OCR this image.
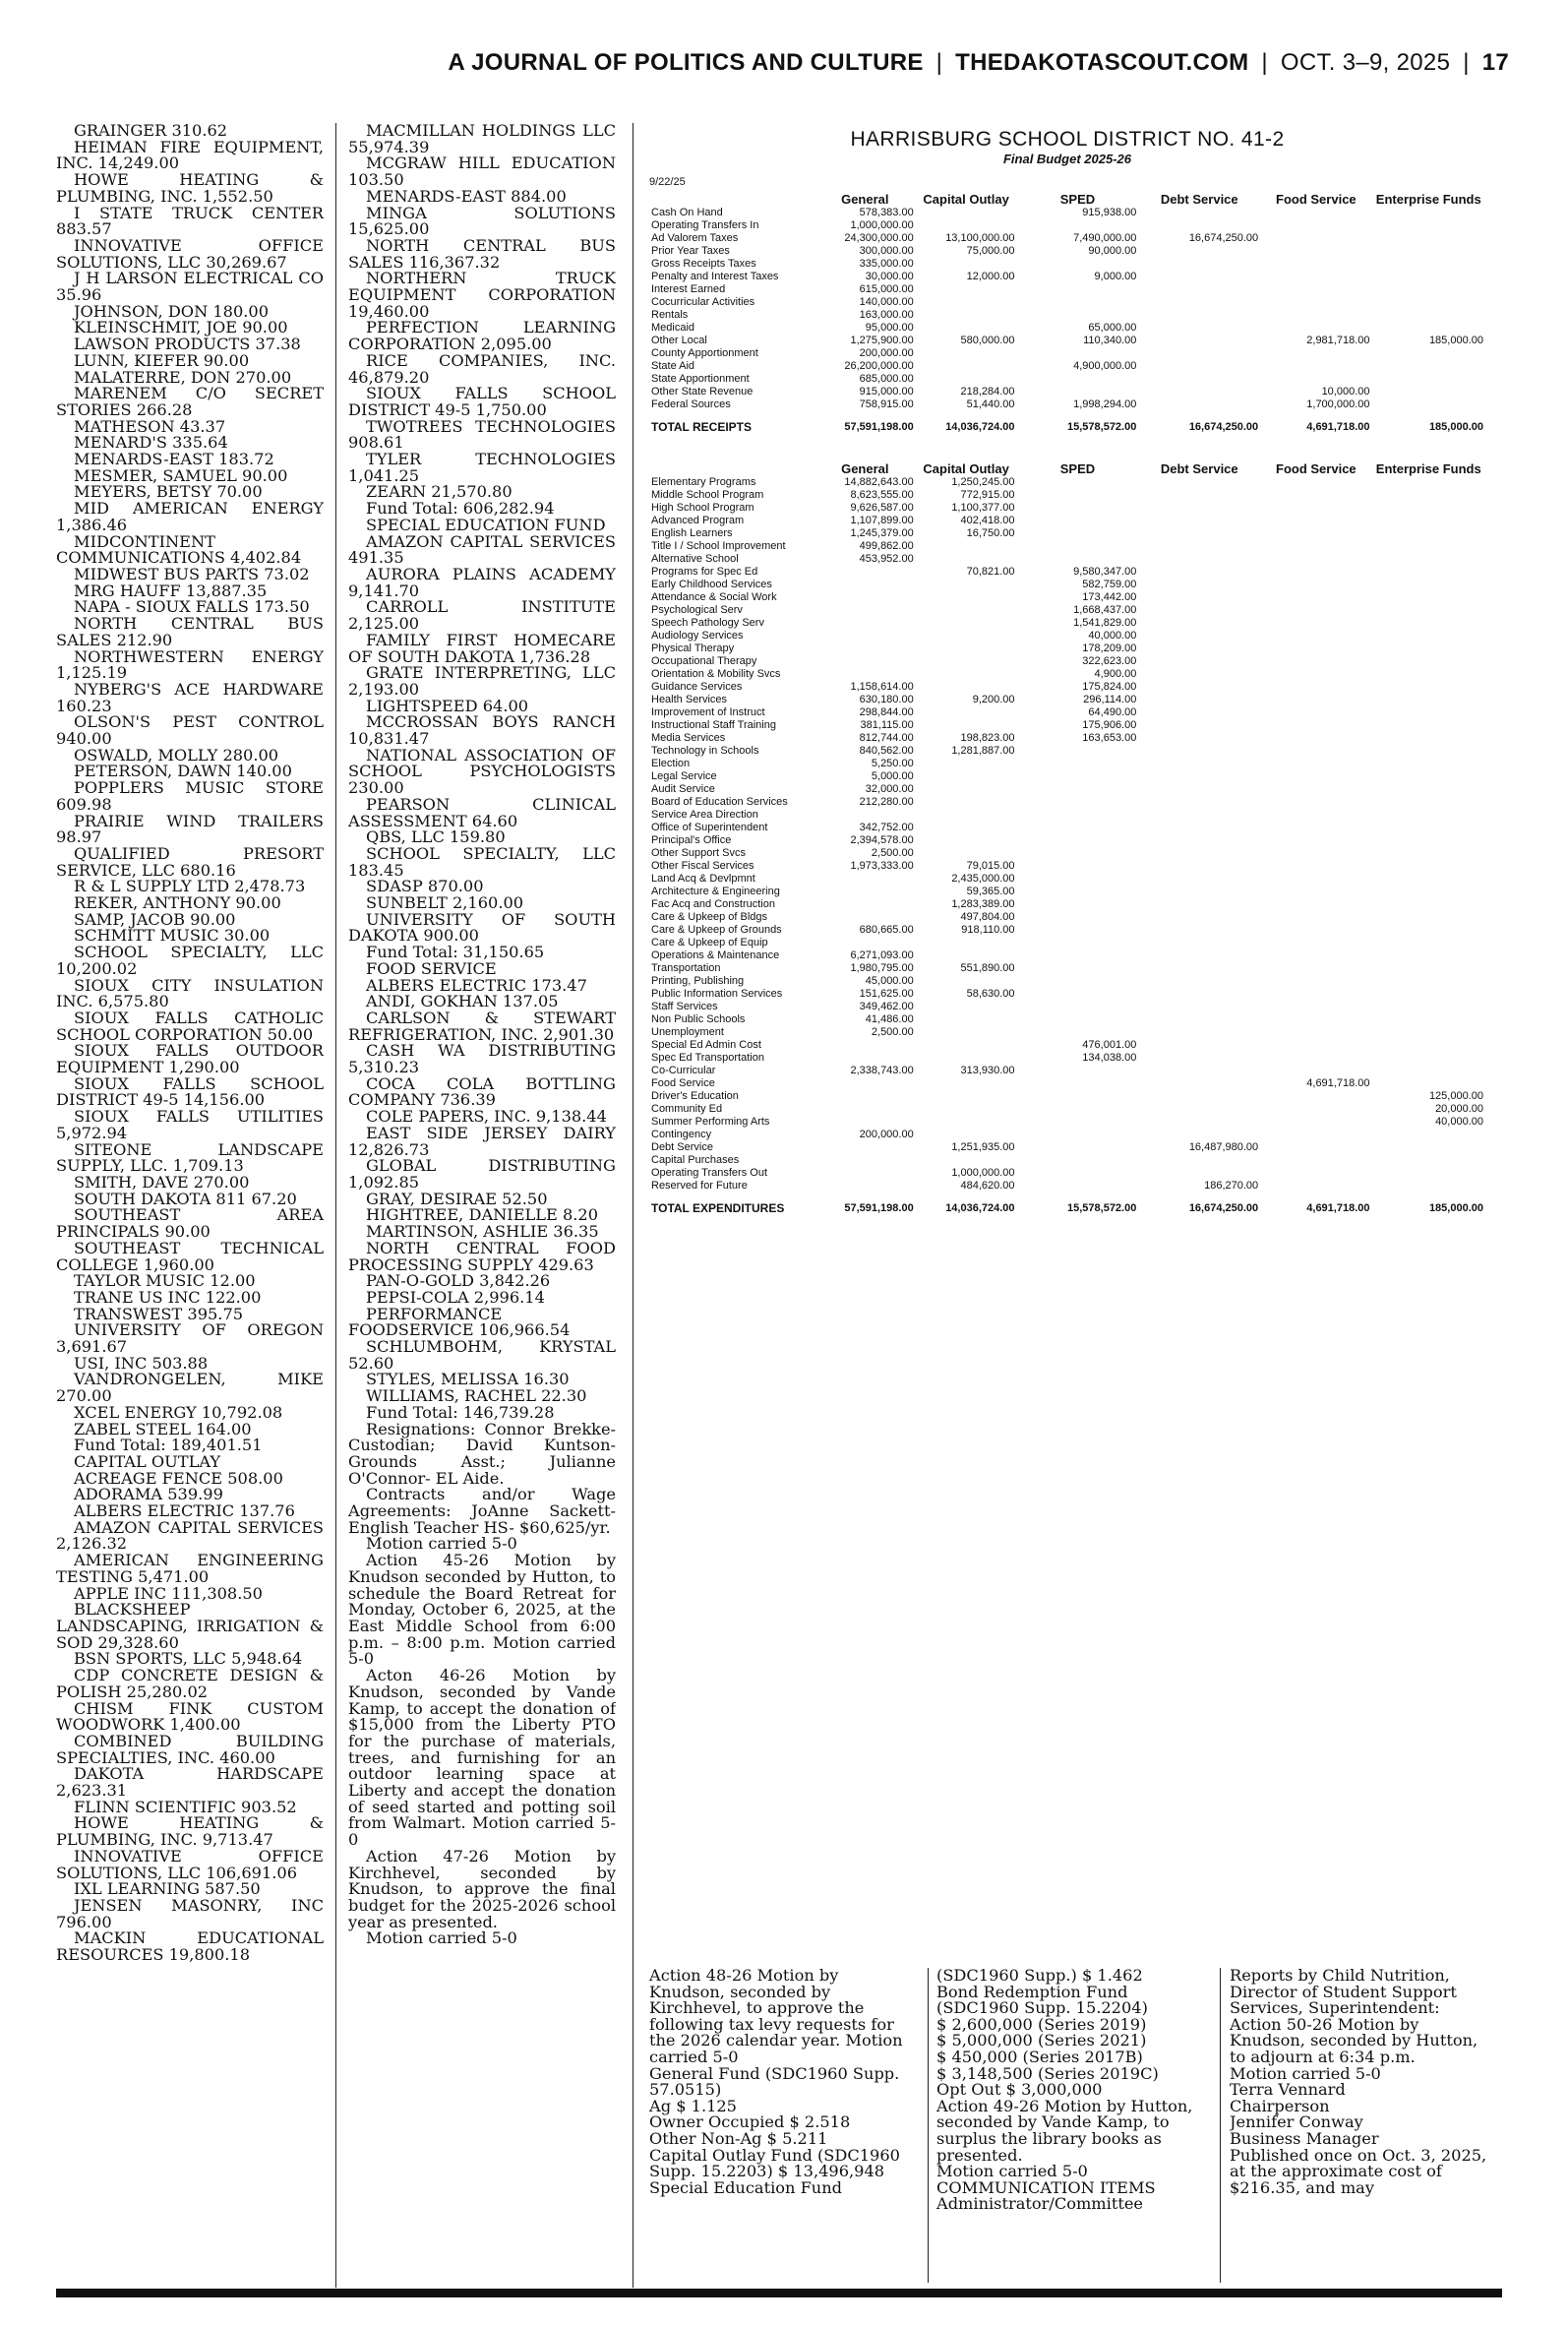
A JOURNAL OF POLITICS AND CULTURE | THEDAKOTASCOUT.COM | OCT. 3–9, 2025 | 17

GRAINGER 310.62

HEIMAN FIRE EQUIPMENT, INC. 14,249.00

HOWE HEATING & PLUMBING, INC. 1,552.50

I STATE TRUCK CENTER 883.57

INNOVATIVE OFFICE SOLUTIONS, LLC 30,269.67

J H LARSON ELECTRICAL CO 35.96

JOHNSON, DON 180.00

KLEINSCHMIT, JOE 90.00

LAWSON PRODUCTS 37.38

LUNN, KIEFER 90.00

MALATERRE, DON 270.00

MARENEM C/O SECRET STORIES 266.28

MATHESON 43.37

MENARD'S 335.64

MENARDS-EAST 183.72

MESMER, SAMUEL 90.00

MEYERS, BETSY 70.00

MID AMERICAN ENERGY 1,386.46

MIDCONTINENT COMMUNICATIONS 4,402.84

MIDWEST BUS PARTS 73.02

MRG HAUFF 13,887.35

NAPA - SIOUX FALLS 173.50

NORTH CENTRAL BUS SALES 212.90

NORTHWESTERN ENERGY 1,125.19

NYBERG'S ACE HARDWARE 160.23

OLSON'S PEST CONTROL 940.00

OSWALD, MOLLY 280.00

PETERSON, DAWN 140.00

POPPLERS MUSIC STORE 609.98

PRAIRIE WIND TRAILERS 98.97

QUALIFIED PRESORT SERVICE, LLC 680.16

R & L SUPPLY LTD 2,478.73

REKER, ANTHONY 90.00

SAMP, JACOB 90.00

SCHMITT MUSIC 30.00

SCHOOL SPECIALTY, LLC 10,200.02

SIOUX CITY INSULATION INC. 6,575.80

SIOUX FALLS CATHOLIC SCHOOL CORPORATION 50.00

SIOUX FALLS OUTDOOR EQUIPMENT 1,290.00

SIOUX FALLS SCHOOL DISTRICT 49-5 14,156.00

SIOUX FALLS UTILITIES 5,972.94

SITEONE LANDSCAPE SUPPLY, LLC. 1,709.13

SMITH, DAVE 270.00

SOUTH DAKOTA 811 67.20

SOUTHEAST AREA PRINCIPALS 90.00

SOUTHEAST TECHNICAL COLLEGE 1,960.00

TAYLOR MUSIC 12.00

TRANE US INC 122.00

TRANSWEST 395.75

UNIVERSITY OF OREGON 3,691.67

USI, INC 503.88

VANDRONGELEN, MIKE 270.00

XCEL ENERGY 10,792.08

ZABEL STEEL 164.00

Fund Total: 189,401.51

CAPITAL OUTLAY

ACREAGE FENCE 508.00

ADORAMA 539.99

ALBERS ELECTRIC 137.76

AMAZON CAPITAL SERVICES 2,126.32

AMERICAN ENGINEERING TESTING 5,471.00

APPLE INC 111,308.50

BLACKSHEEP LANDSCAPING, IRRIGATION & SOD 29,328.60

BSN SPORTS, LLC 5,948.64

CDP CONCRETE DESIGN & POLISH 25,280.02

CHISM FINK CUSTOM WOODWORK 1,400.00

COMBINED BUILDING SPECIALTIES, INC. 460.00

DAKOTA HARDSCAPE 2,623.31

FLINN SCIENTIFIC 903.52

HOWE HEATING & PLUMBING, INC. 9,713.47

INNOVATIVE OFFICE SOLUTIONS, LLC 106,691.06

IXL LEARNING 587.50

JENSEN MASONRY, INC 796.00

MACKIN EDUCATIONAL RESOURCES 19,800.18

MACMILLAN HOLDINGS LLC 55,974.39

MCGRAW HILL EDUCATION 103.50

MENARDS-EAST 884.00

MINGA SOLUTIONS 15,625.00

NORTH CENTRAL BUS SALES 116,367.32

NORTHERN TRUCK EQUIPMENT CORPORATION 19,460.00

PERFECTION LEARNING CORPORATION 2,095.00

RICE COMPANIES, INC. 46,879.20

SIOUX FALLS SCHOOL DISTRICT 49-5 1,750.00

TWOTREES TECHNOLOGIES 908.61

TYLER TECHNOLOGIES 1,041.25

ZEARN 21,570.80

Fund Total: 606,282.94

SPECIAL EDUCATION FUND

AMAZON CAPITAL SERVICES 491.35

AURORA PLAINS ACADEMY 9,141.70

CARROLL INSTITUTE 2,125.00

FAMILY FIRST HOMECARE OF SOUTH DAKOTA 1,736.28

GRATE INTERPRETING, LLC 2,193.00

LIGHTSPEED 64.00

MCCROSSAN BOYS RANCH 10,831.47

NATIONAL ASSOCIATION OF SCHOOL PSYCHOLOGISTS 230.00

PEARSON CLINICAL ASSESSMENT 64.60

QBS, LLC 159.80

SCHOOL SPECIALTY, LLC 183.45

SDASP 870.00

SUNBELT 2,160.00

UNIVERSITY OF SOUTH DAKOTA 900.00

Fund Total: 31,150.65

FOOD SERVICE

ALBERS ELECTRIC 173.47

ANDI, GOKHAN 137.05

CARLSON & STEWART REFRIGERATION, INC. 2,901.30

CASH WA DISTRIBUTING 5,310.23

COCA COLA BOTTLING COMPANY 736.39

COLE PAPERS, INC. 9,138.44

EAST SIDE JERSEY DAIRY 12,826.73

GLOBAL DISTRIBUTING 1,092.85

GRAY, DESIRAE 52.50

HIGHTREE, DANIELLE 8.20

MARTINSON, ASHLIE 36.35

NORTH CENTRAL FOOD PROCESSING SUPPLY 429.63

PAN-O-GOLD 3,842.26

PEPSI-COLA 2,996.14

PERFORMANCE FOODSERVICE 106,966.54

SCHLUMBOHM, KRYSTAL 52.60

STYLES, MELISSA 16.30

WILLIAMS, RACHEL 22.30

Fund Total: 146,739.28

Resignations: Connor Brekke- Custodian; David Kuntson- Grounds Asst.; Julianne O'Connor- EL Aide.

Contracts and/or Wage Agreements: JoAnne Sackett- English Teacher HS- $60,625/yr.

Motion carried 5-0

Action 45-26 Motion by Knudson seconded by Hutton, to schedule the Board Retreat for Monday, October 6, 2025, at the East Middle School from 6:00 p.m. – 8:00 p.m. Motion carried 5-0

Acton 46-26 Motion by Knudson, seconded by Vande Kamp, to accept the donation of $15,000 from the Liberty PTO for the purchase of materials, trees, and furnishing for an outdoor learning space at Liberty and accept the donation of seed started and potting soil from Walmart. Motion carried 5-0

Action 47-26 Motion by Kirchhevel, seconded by Knudson, to approve the final budget for the 2025-2026 school year as presented.

Motion carried 5-0

HARRISBURG SCHOOL DISTRICT NO. 41-2
Final Budget 2025-26
9/22/25
	General	Capital Outlay	SPED	Debt Service	Food Service	Enterprise Funds
Cash On Hand	578,383.00		915,938.00			
Operating Transfers In	1,000,000.00					
Ad Valorem Taxes	24,300,000.00	13,100,000.00	7,490,000.00	16,674,250.00		
Prior Year Taxes	300,000.00	75,000.00	90,000.00			
Gross Receipts Taxes	335,000.00					
Penalty and Interest Taxes	30,000.00	12,000.00	9,000.00			
Interest Earned	615,000.00					
Cocurricular Activities	140,000.00					
Rentals	163,000.00					
Medicaid	95,000.00		65,000.00			
Other Local	1,275,900.00	580,000.00	110,340.00		2,981,718.00	185,000.00
County Apportionment	200,000.00					
State Aid	26,200,000.00		4,900,000.00			
State Apportionment	685,000.00					
Other State Revenue	915,000.00	218,284.00			10,000.00	
Federal Sources	758,915.00	51,440.00	1,998,294.00		1,700,000.00	
TOTAL RECEIPTS	57,591,198.00	14,036,724.00	15,578,572.00	16,674,250.00	4,691,718.00	185,000.00
	General	Capital Outlay	SPED	Debt Service	Food Service	Enterprise Funds
Elementary Programs	14,882,643.00	1,250,245.00				
Middle School Program	8,623,555.00	772,915.00				
High School Program	9,626,587.00	1,100,377.00				
Advanced Program	1,107,899.00	402,418.00				
English Learners	1,245,379.00	16,750.00				
Title I / School Improvement	499,862.00					
Alternative School	453,952.00					
Programs for Spec Ed		70,821.00	9,580,347.00			
Early Childhood Services			582,759.00			
Attendance & Social Work			173,442.00			
Psychological Serv			1,668,437.00			
Speech Pathology Serv			1,541,829.00			
Audiology Services			40,000.00			
Physical Therapy			178,209.00			
Occupational Therapy			322,623.00			
Orientation & Mobility Svcs			4,900.00			
Guidance Services	1,158,614.00		175,824.00			
Health Services	630,180.00	9,200.00	296,114.00			
Improvement of Instruct	298,844.00		64,490.00			
Instructional Staff Training	381,115.00		175,906.00			
Media Services	812,744.00	198,823.00	163,653.00			
Technology in Schools	840,562.00	1,281,887.00				
Election	5,250.00					
Legal Service	5,000.00					
Audit Service	32,000.00					
Board of Education Services	212,280.00					
Service Area Direction						
Office of Superintendent	342,752.00					
Principal's Office	2,394,578.00					
Other Support Svcs	2,500.00					
Other Fiscal Services	1,973,333.00	79,015.00				
Land Acq & Devlpmnt		2,435,000.00				
Architecture & Engineering		59,365.00				
Fac Acq and Construction		1,283,389.00				
Care & Upkeep of Bldgs		497,804.00				
Care & Upkeep of Grounds	680,665.00	918,110.00				
Care & Upkeep of Equip						
Operations & Maintenance	6,271,093.00					
Transportation	1,980,795.00	551,890.00				
Printing, Publishing	45,000.00					
Public Information Services	151,625.00	58,630.00				
Staff Services	349,462.00					
Non Public Schools	41,486.00					
Unemployment	2,500.00					
Special Ed Admin Cost			476,001.00			
Spec Ed Transportation			134,038.00			
Co-Curricular	2,338,743.00	313,930.00				
Food Service					4,691,718.00	
Driver's Education						125,000.00
Community Ed						20,000.00
Summer Performing Arts						40,000.00
Contingency	200,000.00					
Debt Service		1,251,935.00		16,487,980.00		
Capital Purchases						
Operating Transfers Out		1,000,000.00				
Reserved for Future		484,620.00		186,270.00		
TOTAL EXPENDITURES	57,591,198.00	14,036,724.00	15,578,572.00	16,674,250.00	4,691,718.00	185,000.00

Action 48-26 Motion by Knudson, seconded by Kirchhevel, to approve the following tax levy requests for the 2026 calendar year. Motion carried 5-0

General Fund (SDC1960 Supp. 57.0515)

Ag $ 1.125

Owner Occupied $ 2.518

Other Non-Ag $ 5.211

Capital Outlay Fund (SDC1960 Supp. 15.2203) $ 13,496,948

Special Education Fund

(SDC1960 Supp.) $ 1.462

Bond Redemption Fund (SDC1960 Supp. 15.2204)

$ 2,600,000 (Series 2019)

$ 5,000,000 (Series 2021)

$ 450,000 (Series 2017B)

$ 3,148,500 (Series 2019C)

Opt Out $ 3,000,000

Action 49-26 Motion by Hutton, seconded by Vande Kamp, to surplus the library books as presented.

Motion carried 5-0

COMMUNICATION ITEMS

Administrator/Committee

Reports by Child Nutrition, Director of Student Support Services, Superintendent:

Action 50-26 Motion by Knudson, seconded by Hutton, to adjourn at 6:34 p.m.

Motion carried 5-0

Terra Vennard

Chairperson

Jennifer Conway

Business Manager

Published once on Oct. 3, 2025, at the approximate cost of $216.35, and may
